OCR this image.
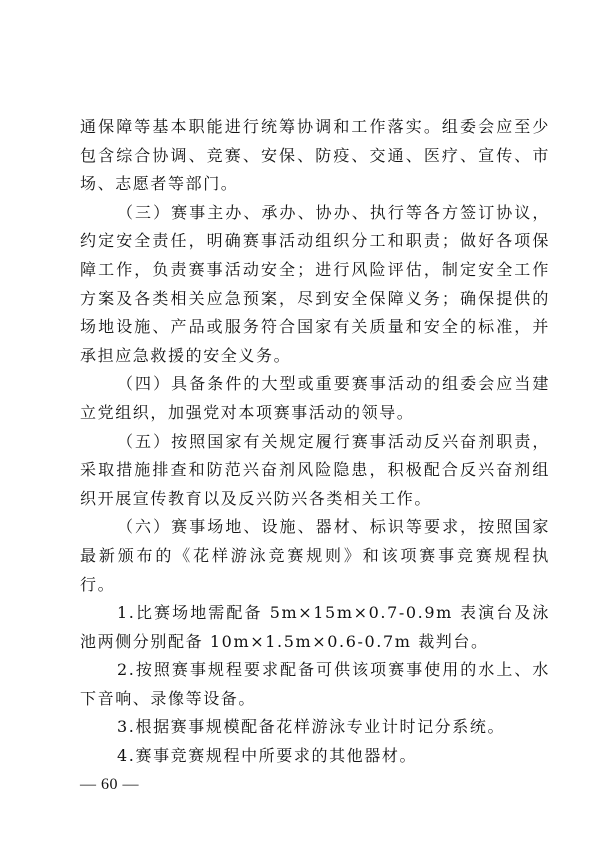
通保障等基本职能进行统筹协调和工作落实。组委会应至少包含综合协调、竞赛、安保、防疫、交通、医疗、宣传、市场、志愿者等部门。

（三）赛事主办、承办、协办、执行等各方签订协议，约定安全责任，明确赛事活动组织分工和职责；做好各项保障工作，负责赛事活动安全；进行风险评估，制定安全工作方案及各类相关应急预案，尽到安全保障义务；确保提供的场地设施、产品或服务符合国家有关质量和安全的标准，并承担应急救援的安全义务。

（四）具备条件的大型或重要赛事活动的组委会应当建立党组织，加强党对本项赛事活动的领导。

（五）按照国家有关规定履行赛事活动反兴奋剂职责，采取措施排查和防范兴奋剂风险隐患，积极配合反兴奋剂组织开展宣传教育以及反兴防兴各类相关工作。

（六）赛事场地、设施、器材、标识等要求，按照国家最新颁布的《花样游泳竞赛规则》和该项赛事竞赛规程执行。

1.比赛场地需配备 5m×15m×0.7-0.9m 表演台及泳池两侧分别配备 10m×1.5m×0.6-0.7m 裁判台。

2.按照赛事规程要求配备可供该项赛事使用的水上、水下音响、录像等设备。

3.根据赛事规模配备花样游泳专业计时记分系统。

4.赛事竞赛规程中所要求的其他器材。

— 60 —
